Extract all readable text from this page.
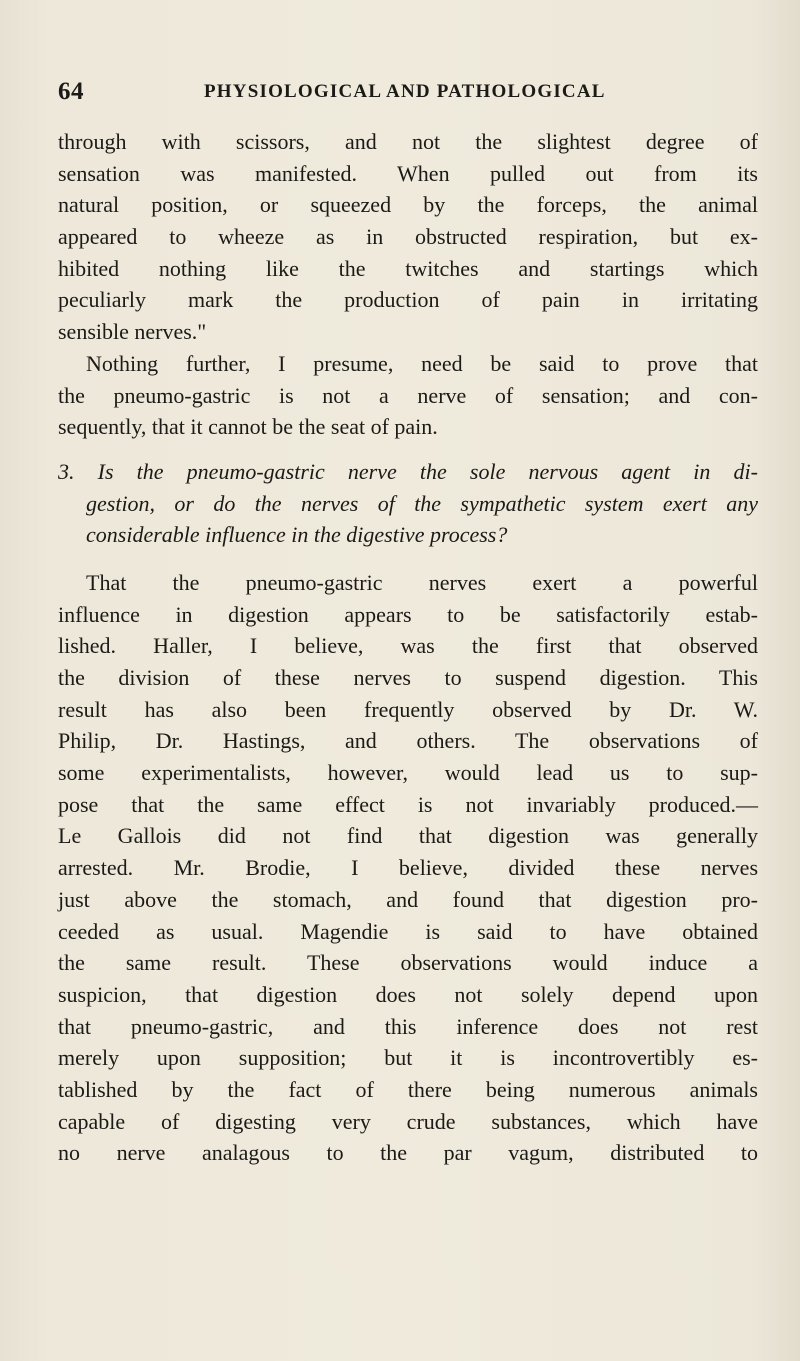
64	PHYSIOLOGICAL AND PATHOLOGICAL
through with scissors, and not the slightest degree of
sensation was manifested. When pulled out from its
natural position, or squeezed by the forceps, the animal
appeared to wheeze as in obstructed respiration, but ex-
hibited nothing like the twitches and startings which
peculiarly mark the production of pain in irritating
sensible nerves."
Nothing further, I presume, need be said to prove that
the pneumo-gastric is not a nerve of sensation; and con-
sequently, that it cannot be the seat of pain.
3. Is the pneumo-gastric nerve the sole nervous agent in di-
gestion, or do the nerves of the sympathetic system exert any
considerable influence in the digestive process?
That the pneumo-gastric nerves exert a powerful
influence in digestion appears to be satisfactorily estab-
lished. Haller, I believe, was the first that observed
the division of these nerves to suspend digestion. This
result has also been frequently observed by Dr. W.
Philip, Dr. Hastings, and others. The observations of
some experimentalists, however, would lead us to sup-
pose that the same effect is not invariably produced.—
Le Gallois did not find that digestion was generally
arrested. Mr. Brodie, I believe, divided these nerves
just above the stomach, and found that digestion pro-
ceeded as usual. Magendie is said to have obtained
the same result. These observations would induce a
suspicion, that digestion does not solely depend upon
that pneumo-gastric, and this inference does not rest
merely upon supposition; but it is incontrovertibly es-
tablished by the fact of there being numerous animals
capable of digesting very crude substances, which have
no nerve analagous to the par vagum, distributed to
